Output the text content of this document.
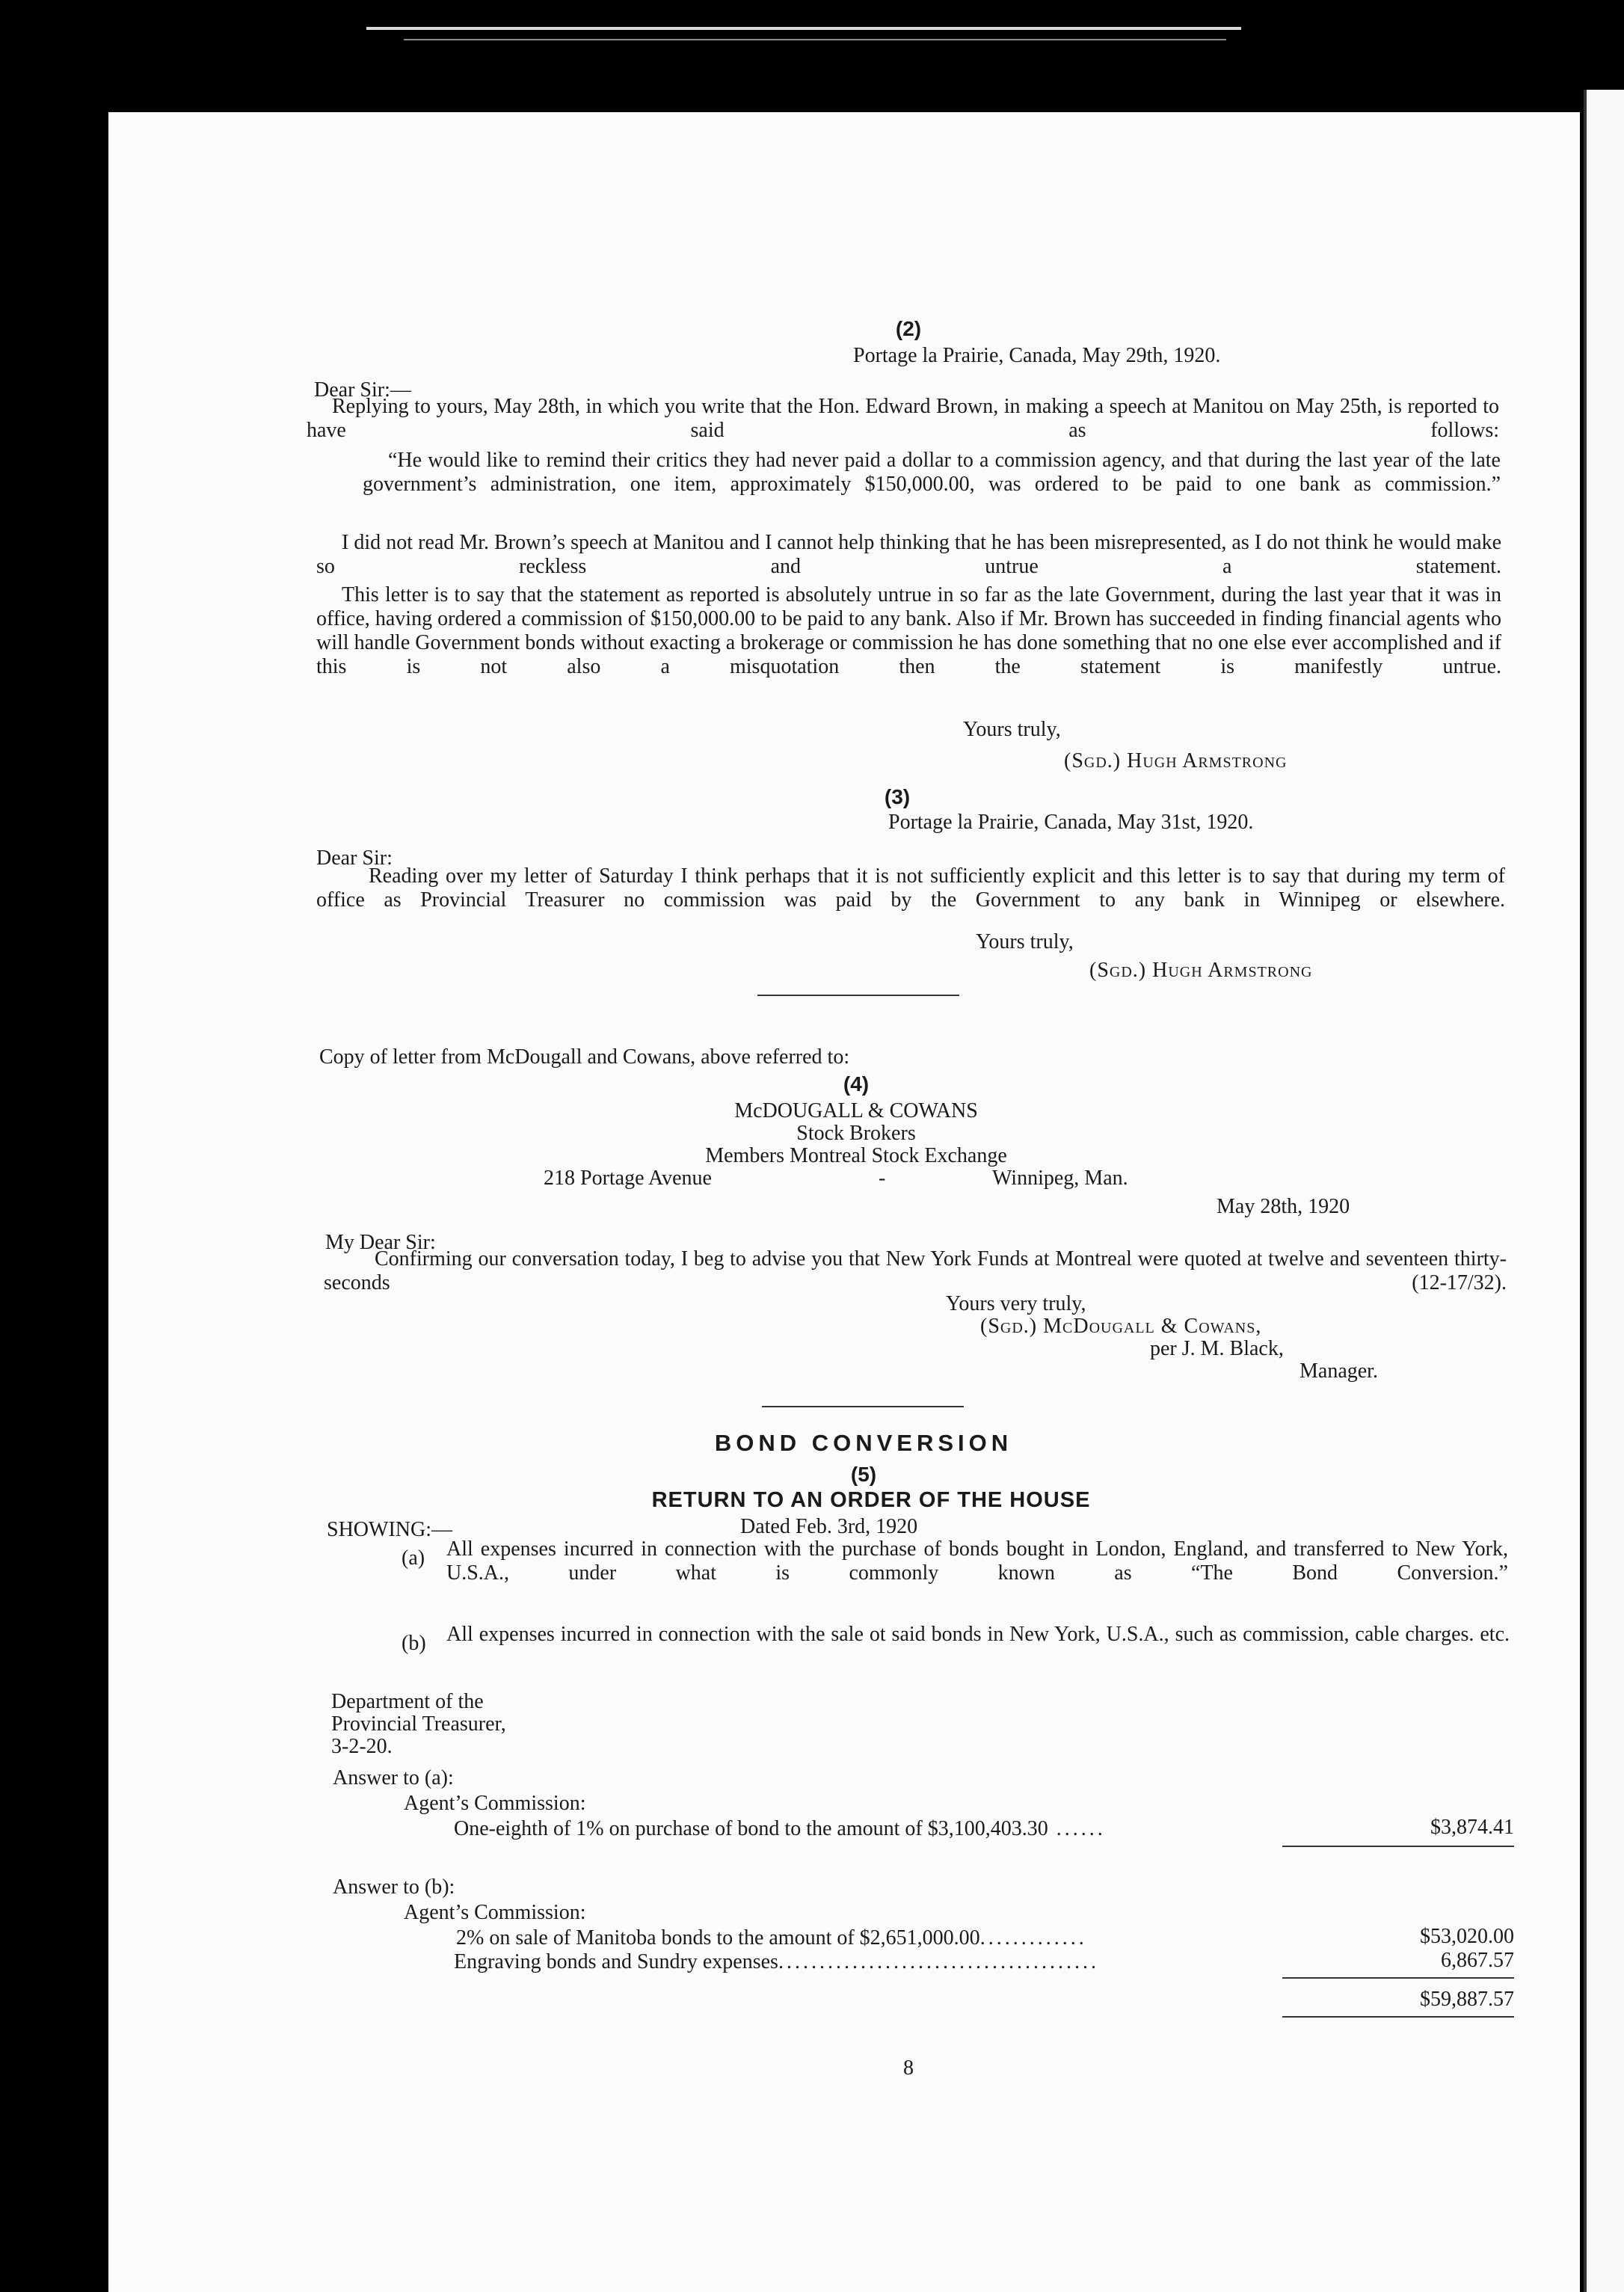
(2)
Portage la Prairie, Canada, May 29th, 1920.
Dear Sir:—
Replying to yours, May 28th, in which you write that the Hon. Edward Brown, in making a speech at Manitou on May 25th, is reported to have said as follows:
“He would like to remind their critics they had never paid a dollar to a commission agency, and that during the last year of the late government’s administration, one item, approximately $150,000.00, was ordered to be paid to one bank as commission.”
I did not read Mr. Brown’s speech at Manitou and I cannot help thinking that he has been misrepresented, as I do not think he would make so reckless and untrue a statement.
This letter is to say that the statement as reported is absolutely untrue in so far as the late Government, during the last year that it was in office, having ordered a commission of $150,000.00 to be paid to any bank. Also if Mr. Brown has succeeded in finding financial agents who will handle Government bonds without exacting a brokerage or commission he has done something that no one else ever accomplished and if this is not also a misquotation then the statement is manifestly untrue.
Yours truly,
(Sgd.) Hugh Armstrong
(3)
Portage la Prairie, Canada, May 31st, 1920.
Dear Sir:
Reading over my letter of Saturday I think perhaps that it is not sufficiently explicit and this letter is to say that during my term of office as Provincial Treasurer no commission was paid by the Government to any bank in Winnipeg or elsewhere.
Yours truly,
(Sgd.) Hugh Armstrong
Copy of letter from McDougall and Cowans, above referred to:
(4)
McDOUGALL & COWANS
Stock Brokers
Members Montreal Stock Exchange
218 Portage Avenue	-	Winnipeg, Man.
May 28th, 1920
My Dear Sir:
Confirming our conversation today, I beg to advise you that New York Funds at Montreal were quoted at twelve and seventeen thirty-seconds (12-17/32).
Yours very truly,
(Sgd.) McDougall & Cowans,
per J. M. Black,
Manager.
BOND CONVERSION
(5)
RETURN TO AN ORDER OF THE HOUSE
SHOWING:—	Dated Feb. 3rd, 1920
(a) All expenses incurred in connection with the purchase of bonds bought in London, England, and transferred to New York, U.S.A., under what is commonly known as “The Bond Conversion.”
(b) All expenses incurred in connection with the sale ot said bonds in New York, U.S.A., such as commission, cable charges. etc.
Department of the
Provincial Treasurer,
3-2-20.
Answer to (a):
Agent’s Commission:
One-eighth of 1% on purchase of bond to the amount of $3,100,403.30 ......	$3,874.41
Answer to (b):
Agent’s Commission:
2% on sale of Manitoba bonds to the amount of $2,651,000.00.............	$53,020.00
Engraving bonds and Sundry expenses.......................................	6,867.57
$59,887.57
8
